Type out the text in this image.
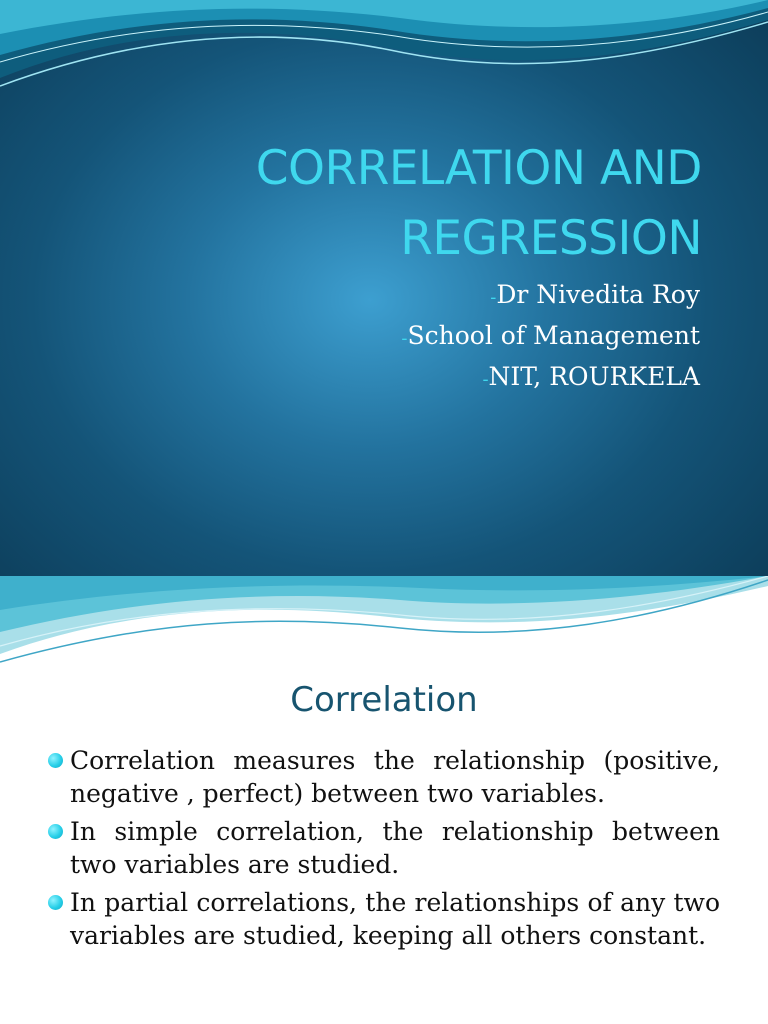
CORRELATION AND
REGRESSION
-Dr Nivedita Roy
-School of Management
-NIT, ROURKELA
Correlation
Correlation measures the relationship (positive, negative , perfect) between two variables.
In simple correlation, the relationship between two variables are studied.
In partial correlations, the relationships of any two variables are studied, keeping all others constant.
